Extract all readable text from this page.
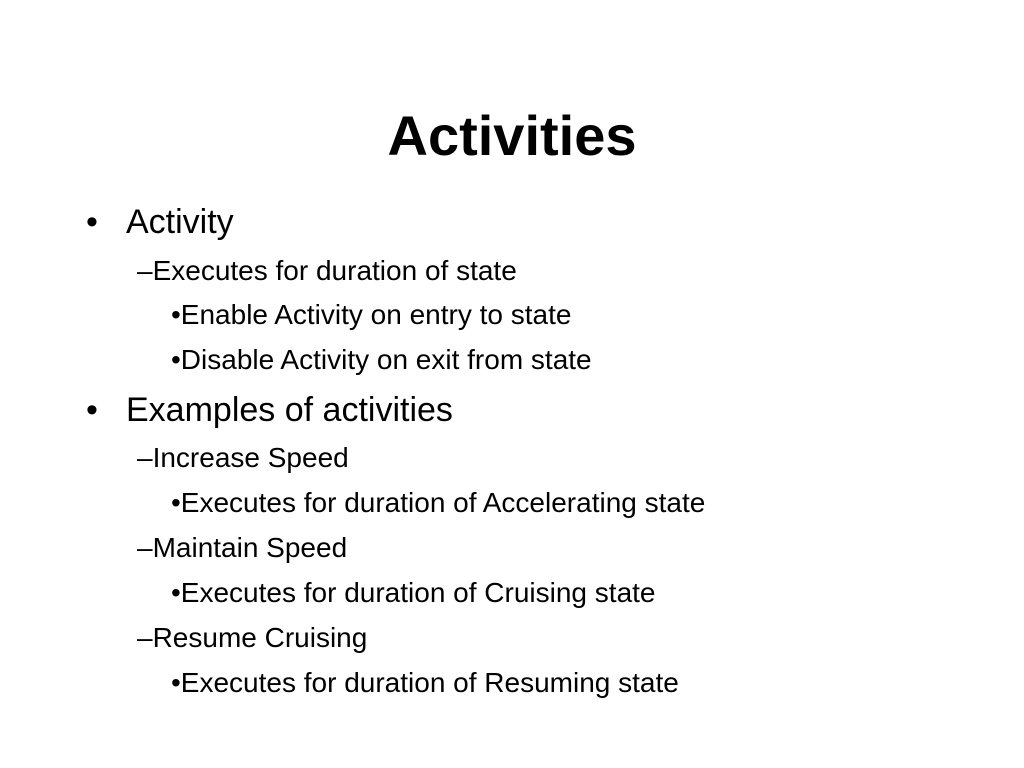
Activities
• Activity
–Executes for duration of state
•Enable Activity on entry to state
•Disable Activity on exit from state
• Examples of activities
–Increase Speed
•Executes for duration of Accelerating state
–Maintain Speed
•Executes for duration of Cruising state
–Resume Cruising
•Executes for duration of Resuming state
